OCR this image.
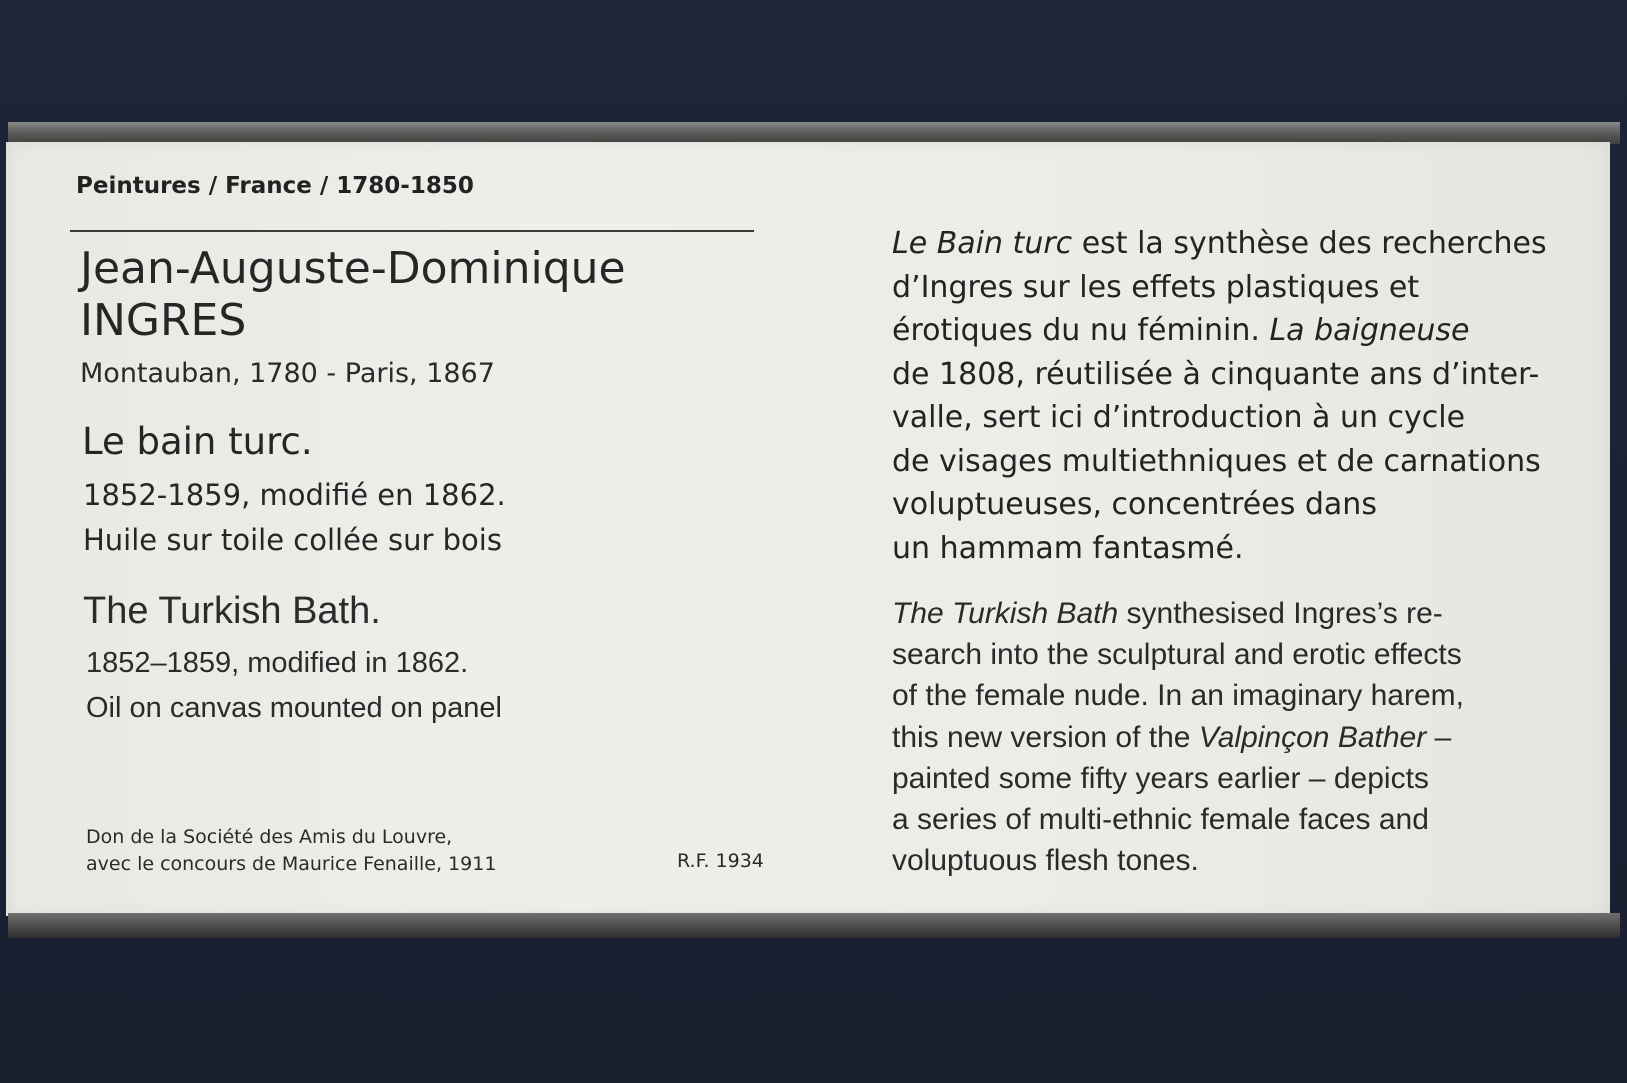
Peintures / France / 1780-1850
Jean-Auguste-Dominique
INGRES
Montauban, 1780 - Paris, 1867
Le bain turc.
1852-1859, modifié en 1862.
Huile sur toile collée sur bois
The Turkish Bath.
1852–1859, modified in 1862.
Oil on canvas mounted on panel
Don de la Société des Amis du Louvre,
avec le concours de Maurice Fenaille, 1911	R.F. 1934
Le Bain turc est la synthèse des recherches
d’Ingres sur les effets plastiques et
érotiques du nu féminin. La baigneuse
de 1808, réutilisée à cinquante ans d’inter-
valle, sert ici d’introduction à un cycle
de visages multiethniques et de carnations
voluptueuses, concentrées dans
un hammam fantasmé.
The Turkish Bath synthesised Ingres’s re-
search into the sculptural and erotic effects
of the female nude. In an imaginary harem,
this new version of the Valpinçon Bather –
painted some fifty years earlier – depicts
a series of multi-ethnic female faces and
voluptuous flesh tones.
